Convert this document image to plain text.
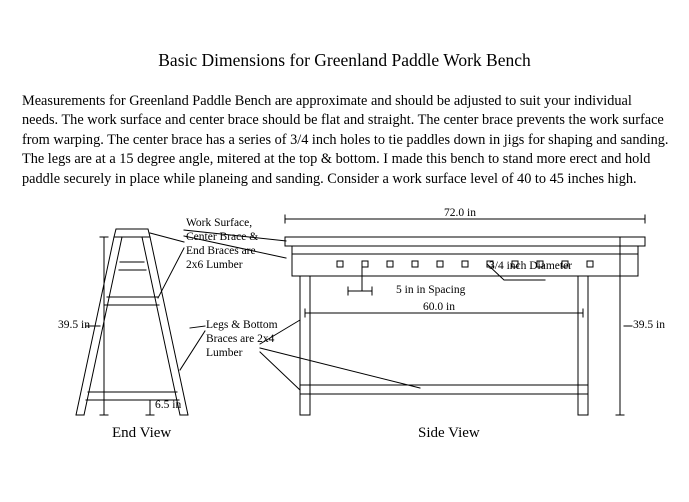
Basic Dimensions for Greenland Paddle Work Bench
Measurements for Greenland Paddle Bench are approximate and should be adjusted to suit your individual needs. The work surface and center brace should be flat and straight. The center brace prevents the work surface from warping. The center brace has a series of 3/4 inch holes to tie paddles down in jigs for shaping and sanding. The legs are at a 15 degree angle, mitered at the top & bottom. I made this bench to stand more erect and hold paddle securely in place while planeing and sanding. Consider a work surface level of 40 to 45 inches high.
Work Surface,
Center Brace &
End Braces are
2x6 Lumber
Legs & Bottom
Braces are 2x4
Lumber
3/4 inch Diameter
5 in in Spacing
72.0 in
60.0 in
39.5 in	39.5 in
6.5 in
End View	Side View
